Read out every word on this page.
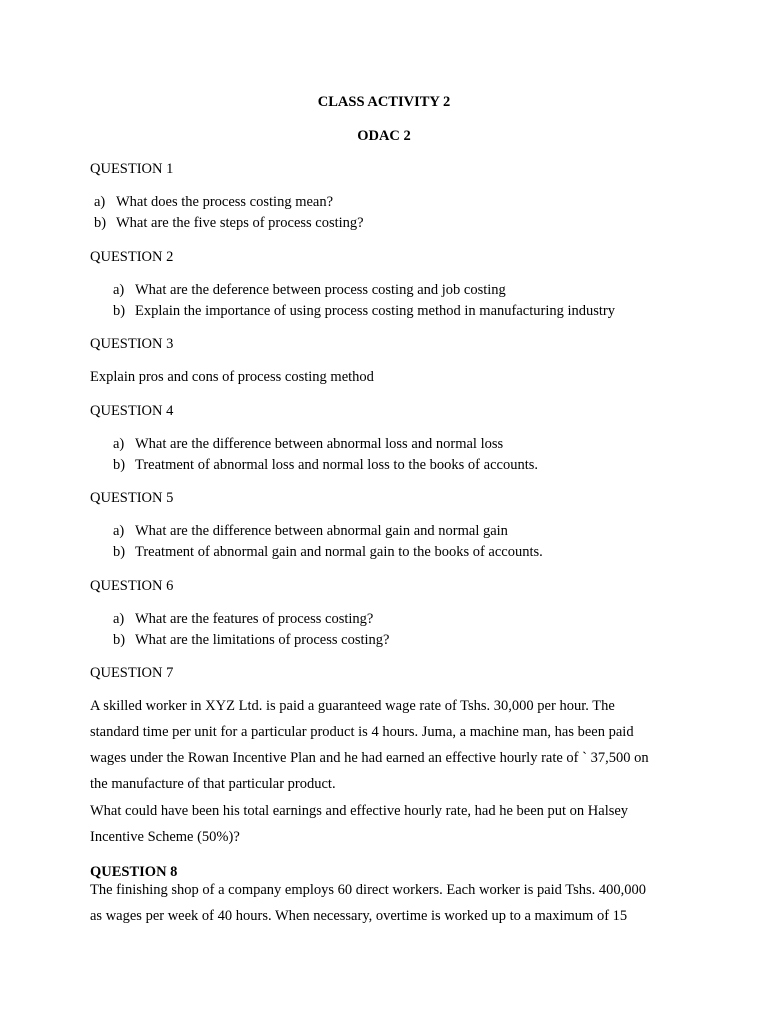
CLASS ACTIVITY 2
ODAC 2
QUESTION 1
a) What does the process costing mean?
b) What are the five steps of process costing?
QUESTION 2
a) What are the deference between process costing and job costing
b) Explain the importance of using process costing method in manufacturing industry
QUESTION 3
Explain pros and cons of process costing method
QUESTION 4
a) What are the difference between abnormal loss and normal loss
b) Treatment of abnormal loss and normal loss to the books of accounts.
QUESTION 5
a) What are the difference between abnormal gain and normal gain
b) Treatment of abnormal gain and normal gain to the books of accounts.
QUESTION 6
a) What are the features of process costing?
b) What are the limitations of process costing?
QUESTION 7
A skilled worker in XYZ Ltd. is paid a guaranteed wage rate of Tshs. 30,000 per hour. The
standard time per unit for a particular product is 4 hours. Juma, a machine man, has been paid
wages under the Rowan Incentive Plan and he had earned an effective hourly rate of ` 37,500 on
the manufacture of that particular product.
What could have been his total earnings and effective hourly rate, had he been put on Halsey
Incentive Scheme (50%)?
QUESTION 8
The finishing shop of a company employs 60 direct workers. Each worker is paid Tshs. 400,000
as wages per week of 40 hours. When necessary, overtime is worked up to a maximum of 15
